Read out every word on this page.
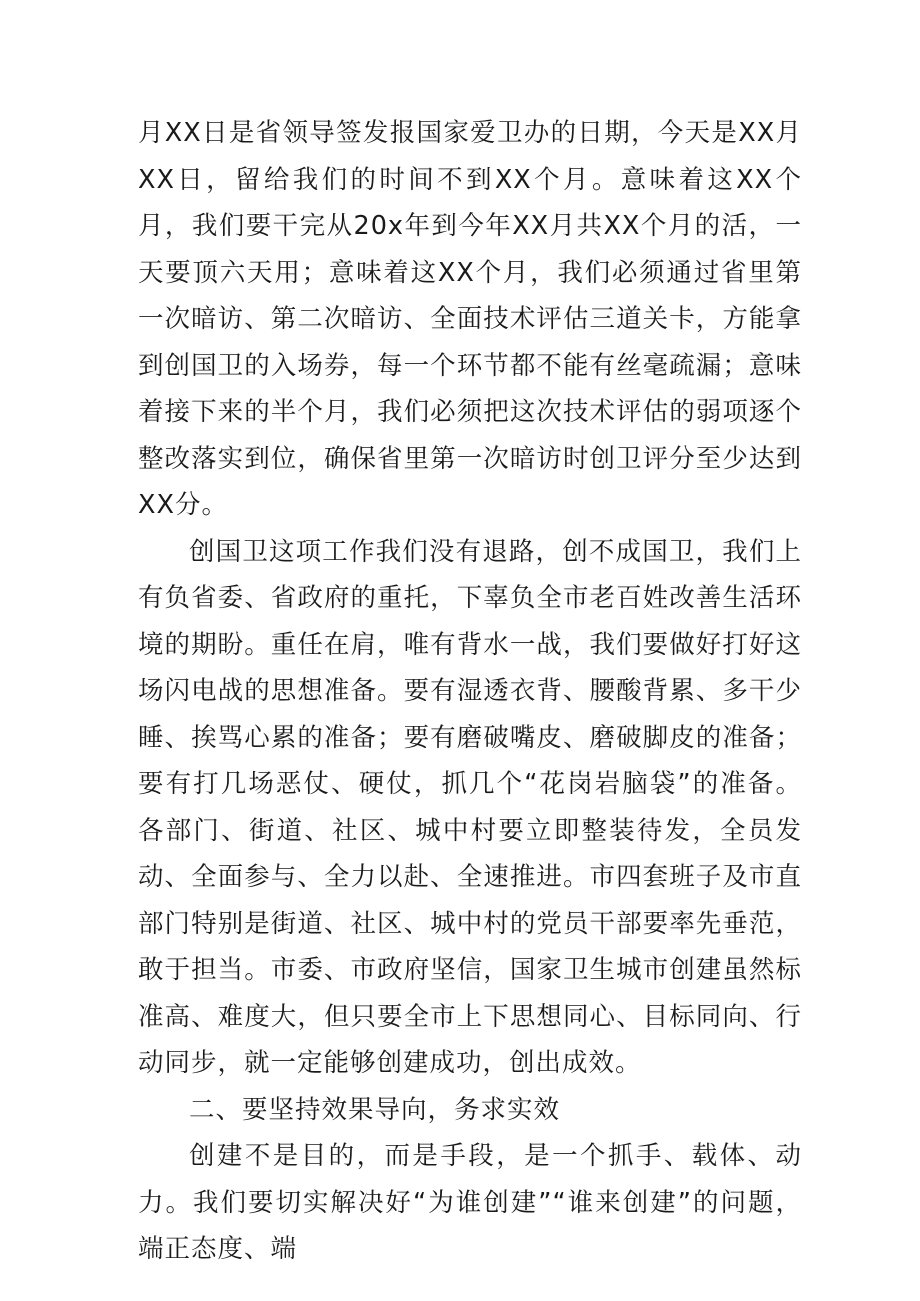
月XX日是省领导签发报国家爱卫办的日期，今天是XX月XX日，留给我们的时间不到XX个月。意味着这XX个月，我们要干完从20x年到今年XX月共XX个月的活，一天要顶六天用；意味着这XX个月，我们必须通过省里第一次暗访、第二次暗访、全面技术评估三道关卡，方能拿到创国卫的入场券，每一个环节都不能有丝毫疏漏；意味着接下来的半个月，我们必须把这次技术评估的弱项逐个整改落实到位，确保省里第一次暗访时创卫评分至少达到XX分。

创国卫这项工作我们没有退路，创不成国卫，我们上有负省委、省政府的重托，下辜负全市老百姓改善生活环境的期盼。重任在肩，唯有背水一战，我们要做好打好这场闪电战的思想准备。要有湿透衣背、腰酸背累、多干少睡、挨骂心累的准备；要有磨破嘴皮、磨破脚皮的准备；要有打几场恶仗、硬仗，抓几个“花岗岩脑袋”的准备。各部门、街道、社区、城中村要立即整装待发，全员发动、全面参与、全力以赴、全速推进。市四套班子及市直部门特别是街道、社区、城中村的党员干部要率先垂范，敢于担当。市委、市政府坚信，国家卫生城市创建虽然标准高、难度大，但只要全市上下思想同心、目标同向、行动同步，就一定能够创建成功，创出成效。

二、要坚持效果导向，务求实效

创建不是目的，而是手段，是一个抓手、载体、动力。我们要切实解决好“为谁创建”“谁来创建”的问题，端正态度、端
